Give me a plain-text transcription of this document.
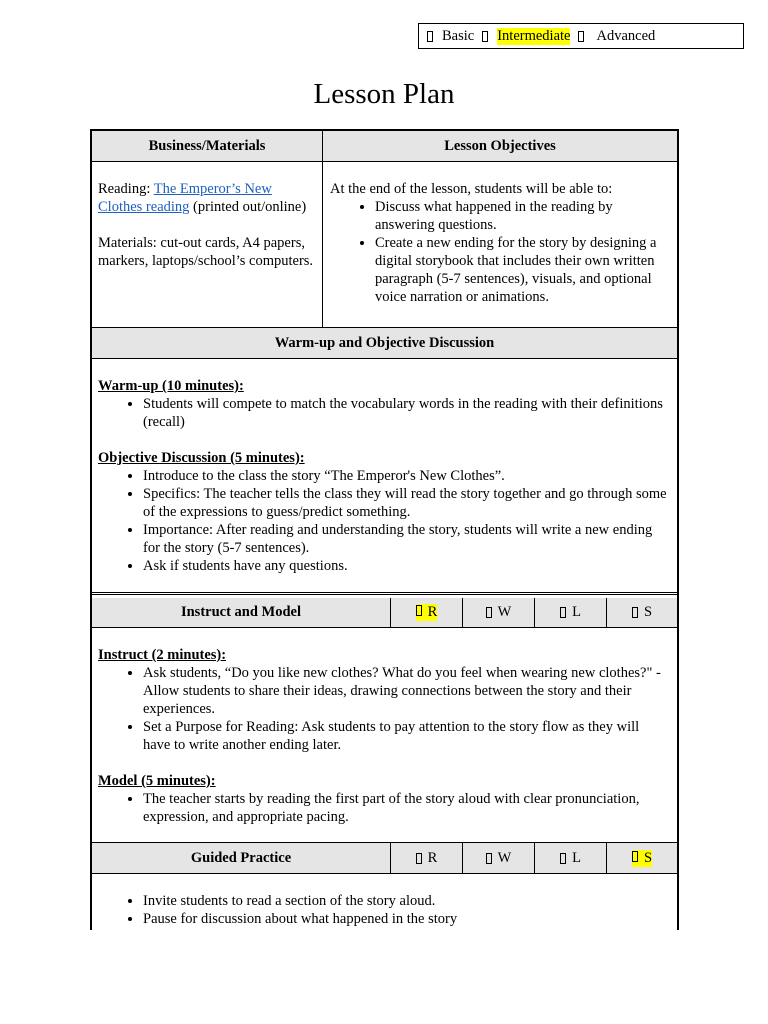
Basic Intermediate Advanced
Lesson Plan
Business/Materials	Lesson Objectives

Reading: The Emperor’s New Clothes reading (printed out/online)

Materials: cut-out cards, A4 papers, markers, laptops/school’s computers.

At the end of the lesson, students will be able to:

• Discuss what happened in the reading by answering questions.
• Create a new ending for the story by designing a digital storybook that includes their own written paragraph (5-7 sentences), visuals, and optional voice narration or animations.
Warm-up and Objective Discussion

Warm-up (10 minutes):

• Students will compete to match the vocabulary words in the reading with their definitions (recall)

Objective Discussion (5 minutes):

• Introduce to the class the story “The Emperor's New Clothes”.
• Specifics: The teacher tells the class they will read the story together and go through some of the expressions to guess/predict something.
• Importance: After reading and understanding the story, students will write a new ending for the story (5-7 sentences).
• Ask if students have any questions.
Instruct and Model	R	W	L	S

Instruct (2 minutes):

• Ask students, “Do you like new clothes? What do you feel when wearing new clothes?" - Allow students to share their ideas, drawing connections between the story and their experiences.
• Set a Purpose for Reading: Ask students to pay attention to the story flow as they will have to write another ending later.

Model (5 minutes):

• The teacher starts by reading the first part of the story aloud with clear pronunciation, expression, and appropriate pacing.
Guided Practice	R	W	L	S
• Invite students to read a section of the story aloud.
• Pause for discussion about what happened in the story
